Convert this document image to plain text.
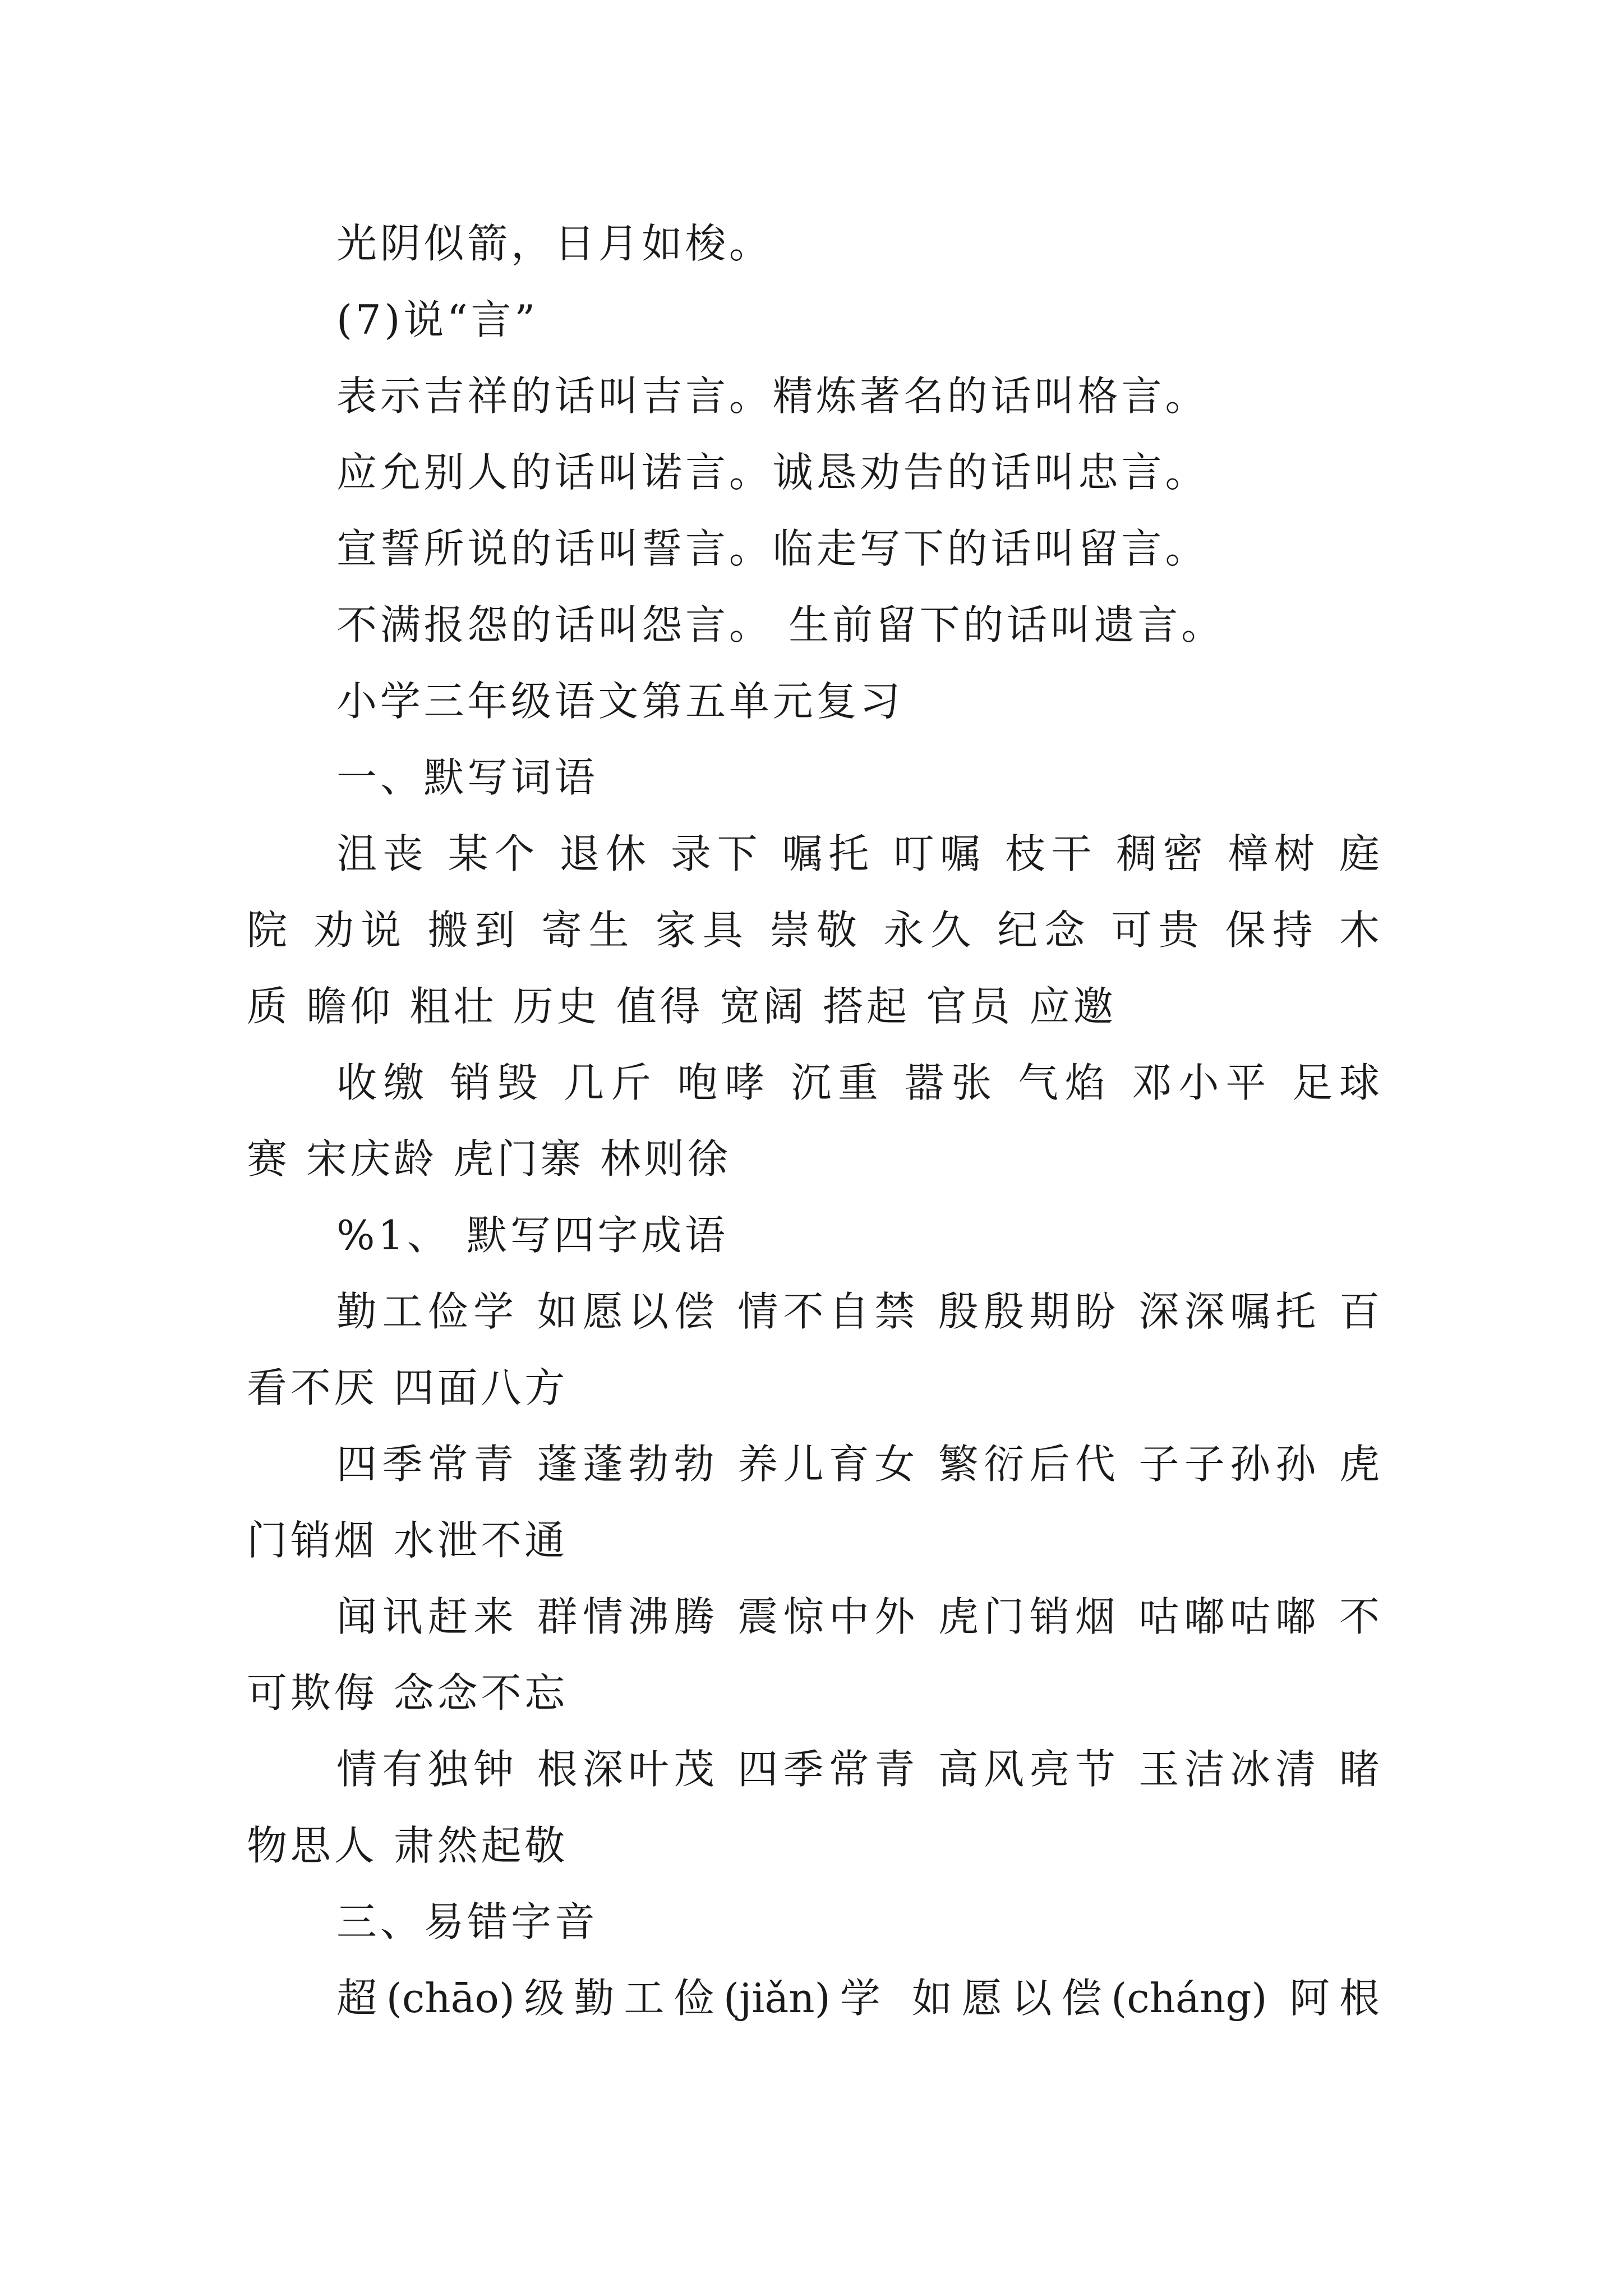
光阴似箭，日月如梭。
(7)说“言”
表示吉祥的话叫吉言。精炼著名的话叫格言。
应允别人的话叫诺言。诚恳劝告的话叫忠言。
宣誓所说的话叫誓言。临走写下的话叫留言。
不满报怨的话叫怨言。 生前留下的话叫遗言。
小学三年级语文第五单元复习
一、默写词语
沮丧 某个 退休 录下 嘱托 叮嘱 枝干 稠密 樟树 庭
院 劝说 搬到 寄生 家具 崇敬 永久 纪念 可贵 保持 木
质 瞻仰 粗壮 历史 值得 宽阔 搭起 官员 应邀
收缴 销毁 几斤 咆哮 沉重 嚣张 气焰 邓小平 足球
赛 宋庆龄 虎门寨 林则徐
%1、 默写四字成语
勤工俭学 如愿以偿 情不自禁 殷殷期盼 深深嘱托 百
看不厌 四面八方
四季常青 蓬蓬勃勃 养儿育女 繁衍后代 子子孙孙 虎
门销烟 水泄不通
闻讯赶来 群情沸腾 震惊中外 虎门销烟 咕嘟咕嘟 不
可欺侮 念念不忘
情有独钟 根深叶茂 四季常青 高风亮节 玉洁冰清 睹
物思人 肃然起敬
三、易错字音
超(chāo)级勤工俭(jiǎn)学 如愿以偿(cháng) 阿根
